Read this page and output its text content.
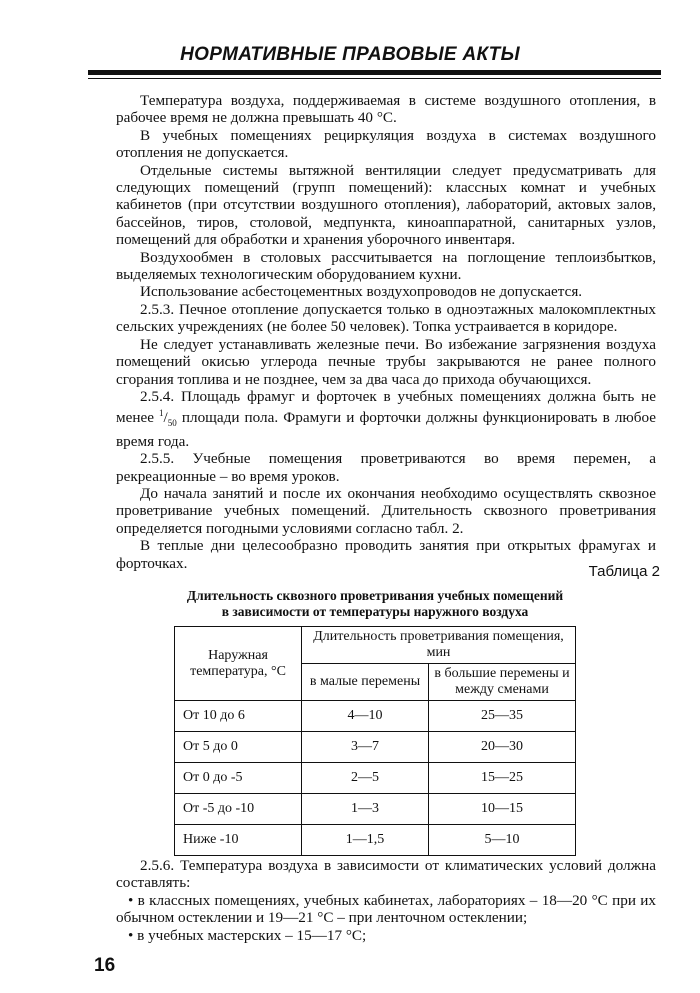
НОРМАТИВНЫЕ ПРАВОВЫЕ АКТЫ

Температура воздуха, поддерживаемая в системе воздушного отопления, в рабочее время не должна превышать 40 °С.

В учебных помещениях рециркуляция воздуха в системах воздушного отопления не допускается.

Отдельные системы вытяжной вентиляции следует предусматривать для следующих помещений (групп помещений): классных комнат и учебных кабинетов (при отсутствии воздушного отопления), лабораторий, актовых залов, бассейнов, тиров, столовой, медпункта, киноаппаратной, санитарных узлов, помещений для обработки и хранения уборочного инвентаря.

Воздухообмен в столовых рассчитывается на поглощение теплоизбытков, выделяемых технологическим оборудованием кухни.

Использование асбестоцементных воздухопроводов не допускается.

2.5.3. Печное отопление допускается только в одноэтажных малокомплектных сельских учреждениях (не более 50 человек). Топка устраивается в коридоре.

Не следует устанавливать железные печи. Во избежание загрязнения воздуха помещений окисью углерода печные трубы закрываются не ранее полного сгорания топлива и не позднее, чем за два часа до прихода обучающихся.

2.5.4. Площадь фрамуг и форточек в учебных помещениях должна быть не менее $^1/_{50}$ площади пола. Фрамуги и форточки должны функционировать в любое время года.

2.5.5. Учебные помещения проветриваются во время перемен, а рекреационные – во время уроков.

До начала занятий и после их окончания необходимо осуществлять сквозное проветривание учебных помещений. Длительность сквозного проветривания определяется погодными условиями согласно табл. 2.

В теплые дни целесообразно проводить занятия при открытых фрамугах и форточках.	Таблица 2
Длительность сквозного проветривания учебных помещений
в зависимости от температуры наружного воздуха
Наружная температура, °С	Длительность проветривания помещения, мин	
	в малые перемены	в большие перемены и между сменами
От 10 до 6	4—10	25—35
От 5 до 0	3—7	20—30
От 0 до -5	2—5	15—25
От -5 до -10	1—3	10—15
Ниже -10	1—1,5	5—10

2.5.6. Температура воздуха в зависимости от климатических условий должна составлять:

• в классных помещениях, учебных кабинетах, лабораториях – 18—20 °С при их обычном остеклении и 19—21 °С – при ленточном остеклении;

• в учебных мастерских – 15—17 °С;

16
